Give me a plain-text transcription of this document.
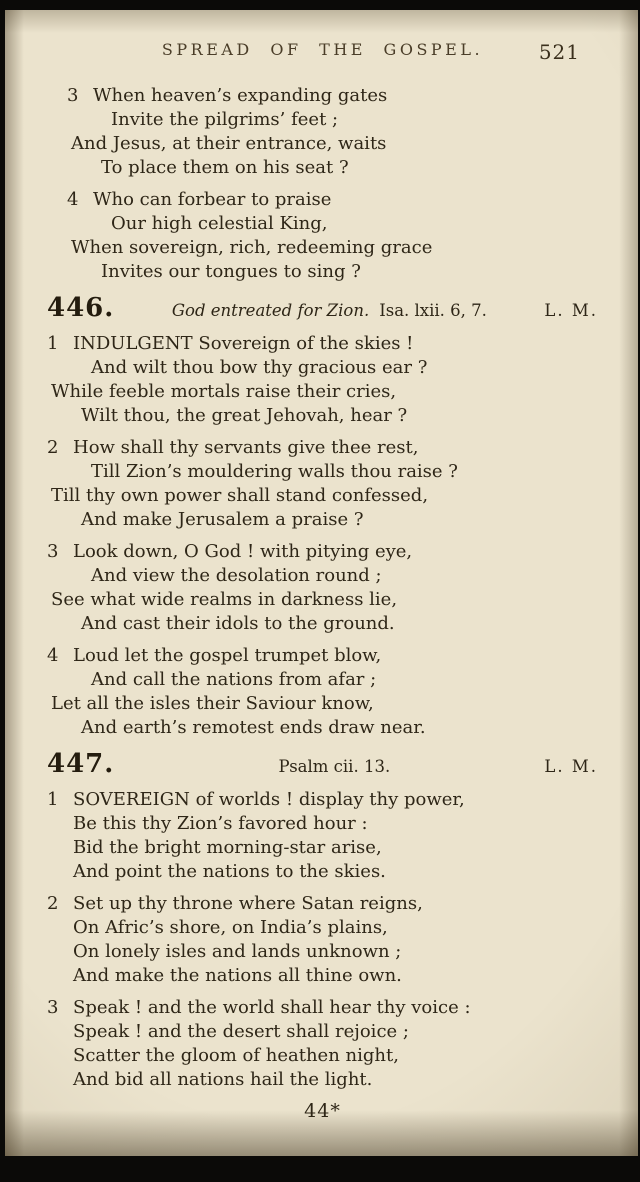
SPREAD OF THE GOSPEL.	521
3 When heaven’s expanding gates
Invite the pilgrims’ feet ;
And Jesus, at their entrance, waits
To place them on his seat ?
4 Who can forbear to praise
Our high celestial King,
When sovereign, rich, redeeming grace
Invites our tongues to sing ?
446.	God entreated for Zion. Isa. lxii. 6, 7.	L. M.
1 INDULGENT Sovereign of the skies !
And wilt thou bow thy gracious ear ?
While feeble mortals raise their cries,
Wilt thou, the great Jehovah, hear ?
2 How shall thy servants give thee rest,
Till Zion’s mouldering walls thou raise ?
Till thy own power shall stand confessed,
And make Jerusalem a praise ?
3 Look down, O God ! with pitying eye,
And view the desolation round ;
See what wide realms in darkness lie,
And cast their idols to the ground.
4 Loud let the gospel trumpet blow,
And call the nations from afar ;
Let all the isles their Saviour know,
And earth’s remotest ends draw near.
447.	Psalm cii. 13.	L. M.
1 SOVEREIGN of worlds ! display thy power,
Be this thy Zion’s favored hour :
Bid the bright morning-star arise,
And point the nations to the skies.
2 Set up thy throne where Satan reigns,
On Afric’s shore, on India’s plains,
On lonely isles and lands unknown ;
And make the nations all thine own.
3 Speak ! and the world shall hear thy voice :
Speak ! and the desert shall rejoice ;
Scatter the gloom of heathen night,
And bid all nations hail the light.
44*
